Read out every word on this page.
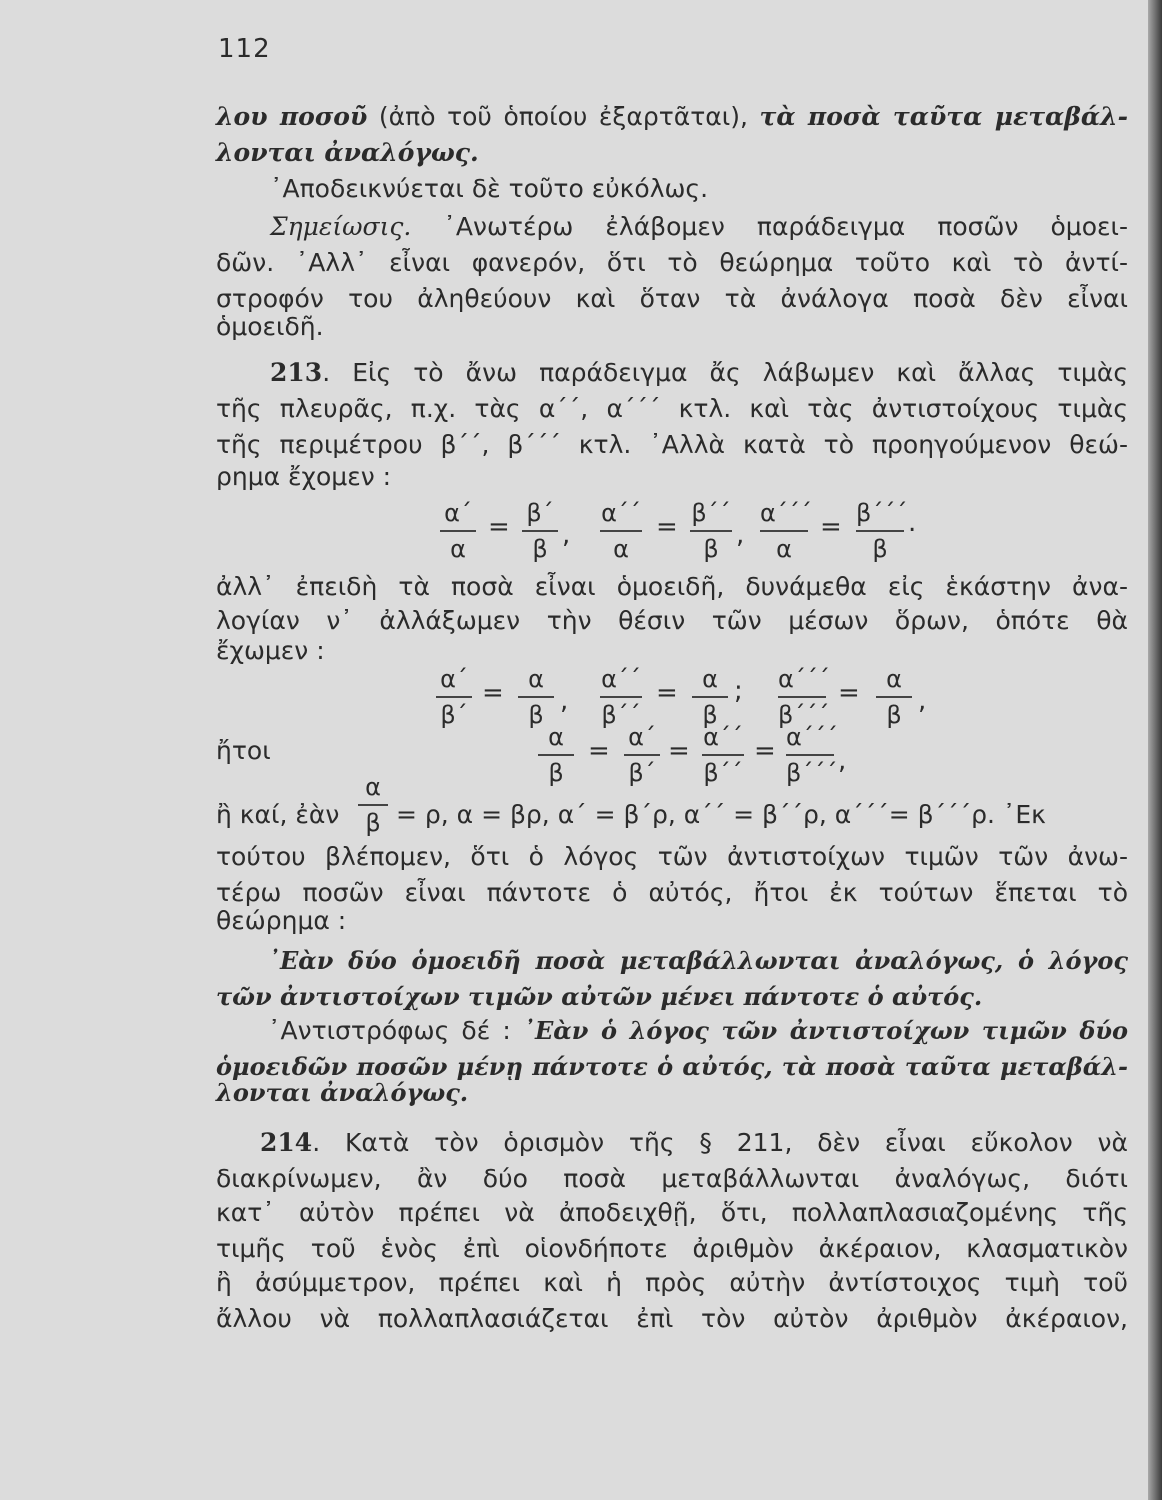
112
λου ποσοῦ (ἀπὸ τοῦ ὁποίου ἐξαρτᾶται), τὰ ποσὰ ταῦτα μεταβάλ-
λονται ἀναλόγως.
᾿Αποδεικνύεται δὲ τοῦτο εὐκόλως.
Σημείωσις. ᾿Ανωτέρω ἐλάβομεν παράδειγμα ποσῶν ὁμοει-
δῶν. ᾿Αλλ᾿ εἶναι φανερόν, ὅτι τὸ θεώρημα τοῦτο καὶ τὸ ἀντί-
στροφόν του ἀληθεύουν καὶ ὅταν τὰ ἀνάλογα ποσὰ δὲν εἶναι
ὁμοειδῆ.
213. Εἰς τὸ ἄνω παράδειγμα ἄς λάβωμεν καὶ ἄλλας τιμὰς
τῆς πλευρᾶς, π.χ. τὰς α΄΄, α΄΄΄ κτλ. καὶ τὰς ἀντιστοίχους τιμὰς
τῆς περιμέτρου β΄΄, β΄΄΄ κτλ. ᾿Αλλὰ κατὰ τὸ προηγούμενον θεώ-
ρημα ἔχομεν :
α΄
α
= β΄
β ,
α΄΄
α
= β΄΄
β ,
α΄΄΄
α
= β΄΄΄
β
.
ἀλλ᾿ ἐπειδὴ τὰ ποσὰ εἶναι ὁμοειδῆ, δυνάμεθα εἰς ἑκάστην ἀνα-
λογίαν ν᾿ ἀλλάξωμεν τὴν θέσιν τῶν μέσων ὅρων, ὁπότε θὰ
ἔχωμεν :
α΄
β΄
=	α
β ,
α΄΄
β΄΄
=	α
β
; α΄΄΄
β΄΄΄
=	α
β ,
ἤτοι	α
β
= α΄
β΄
= α΄΄
β΄΄
= α΄΄΄
β΄΄΄ ,
ἢ καί, ἐὰν
α
β = ρ, α = βρ, α΄ = β΄ρ, α΄΄ = β΄΄ρ, α΄΄΄= β΄΄΄ρ. ᾿Εκ
τούτου βλέπομεν, ὅτι ὁ λόγος τῶν ἀντιστοίχων τιμῶν τῶν ἀνω-
τέρω ποσῶν εἶναι πάντοτε ὁ αὐτός, ἤτοι ἐκ τούτων ἕπεται τὸ
θεώρημα :
᾿Εὰν δύο ὁμοειδῆ ποσὰ μεταβάλλωνται ἀναλόγως, ὁ λόγος
τῶν ἀντιστοίχων τιμῶν αὐτῶν μένει πάντοτε ὁ αὐτός.
᾿Αντιστρόφως δέ : ᾿Εὰν ὁ λόγος τῶν ἀντιστοίχων τιμῶν δύο
ὁμοειδῶν ποσῶν μένῃ πάντοτε ὁ αὐτός, τὰ ποσὰ ταῦτα μεταβάλ-
λονται ἀναλόγως.
214. Κατὰ τὸν ὁρισμὸν τῆς § 211, δὲν εἶναι εὔκολον νὰ
διακρίνωμεν, ἂν δύο ποσὰ μεταβάλλωνται ἀναλόγως, διότι
κατ᾿ αὐτὸν πρέπει νὰ ἀποδειχθῇ, ὅτι, πολλαπλασιαζομένης τῆς
τιμῆς τοῦ ἑνὸς ἐπὶ οἱονδήποτε ἀριθμὸν ἀκέραιον, κλασματικὸν
ἢ ἀσύμμετρον, πρέπει καὶ ἡ πρὸς αὐτὴν ἀντίστοιχος τιμὴ τοῦ
ἄλλου νὰ πολλαπλασιάζεται ἐπὶ τὸν αὐτὸν ἀριθμὸν ἀκέραιον,
